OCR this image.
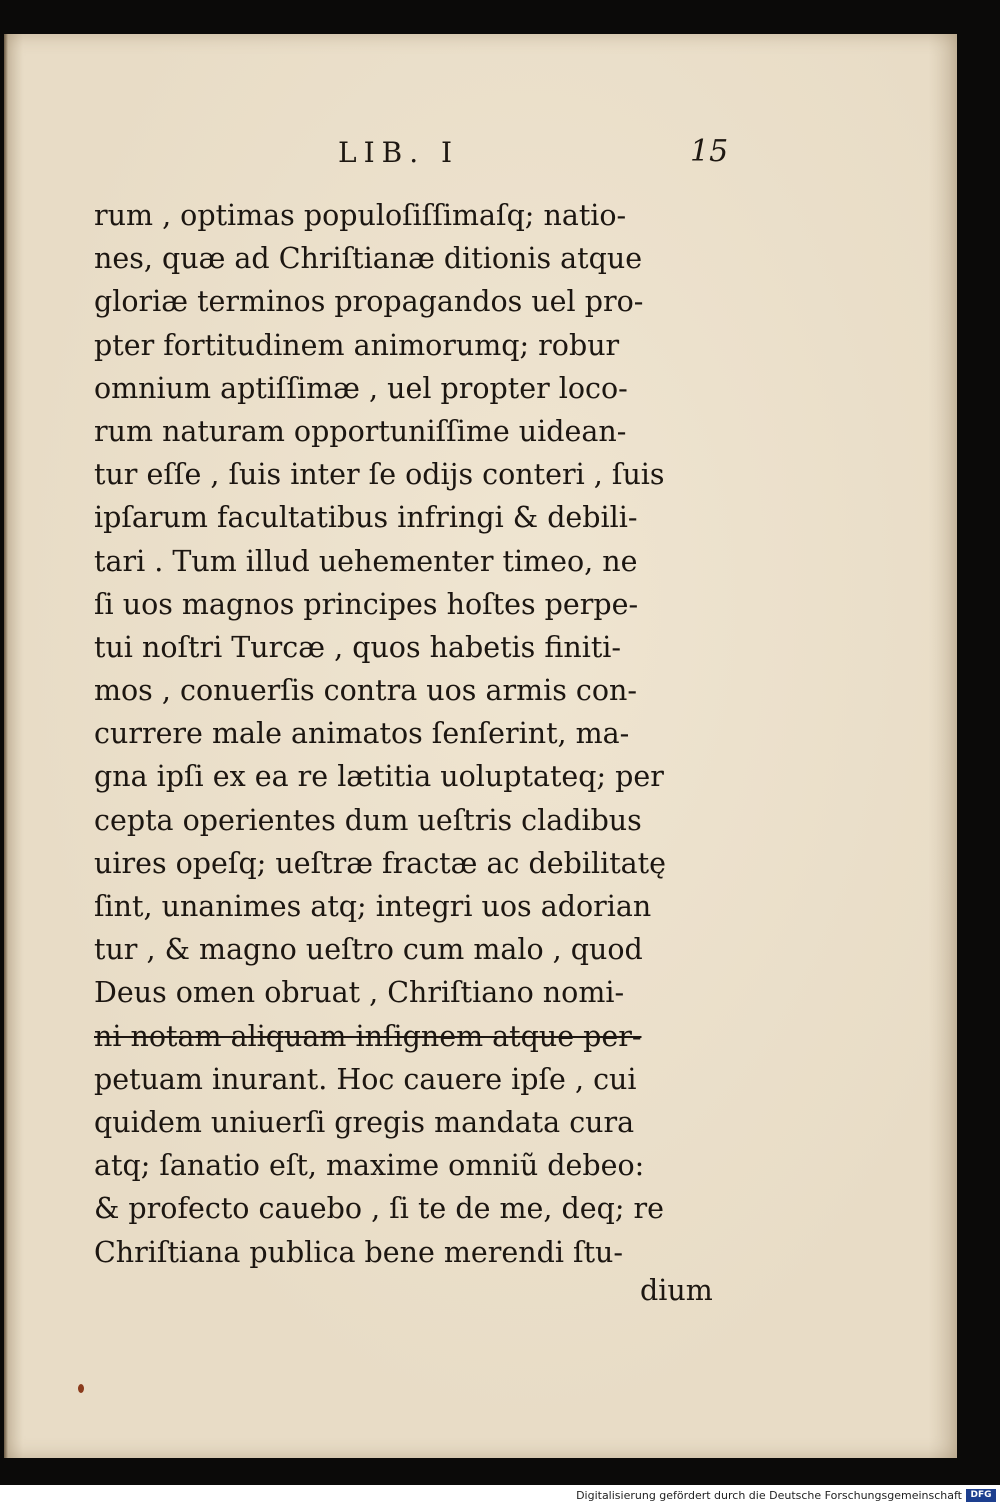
LIB. I	15
rum , optimas populoſiſſimaſq; natio-
nes, quæ ad Chriſtianæ ditionis atque
gloriæ terminos propagandos uel pro-
pter fortitudinem animorumq; robur
omnium aptiſſimæ , uel propter loco-
rum naturam opportuniſſime uidean-
tur eſſe , ſuis inter ſe odijs conteri , ſuis
ipſarum facultatibus infringi & debili-
tari . Tum illud uehementer timeo, ne
ſi uos magnos principes hoſtes perpe-
tui noſtri Turcæ , quos habetis finiti-
mos , conuerſis contra uos armis con-
currere male animatos ſenſerint, ma-
gna ipſi ex ea re lætitia uoluptateq; per
cepta operientes dum ueſtris cladibus
uires opeſq; ueſtræ fractæ ac debilitatę
ſint, unanimes atq; integri uos adorian
tur , & magno ueſtro cum malo , quod
Deus omen obruat , Chriſtiano nomi-
ni notam aliquam inſignem atque per-
petuam inurant. Hoc cauere ipſe , cui
quidem uniuerſi gregis mandata cura
atq; ſanatio eſt, maxime omniũ debeo:
& profecto cauebo , ſi te de me, deq; re
Chriſtiana publica bene merendi ſtu-
dium
Digitalisierung gefördert durch die Deutsche Forschungsgemeinschaft DFG
